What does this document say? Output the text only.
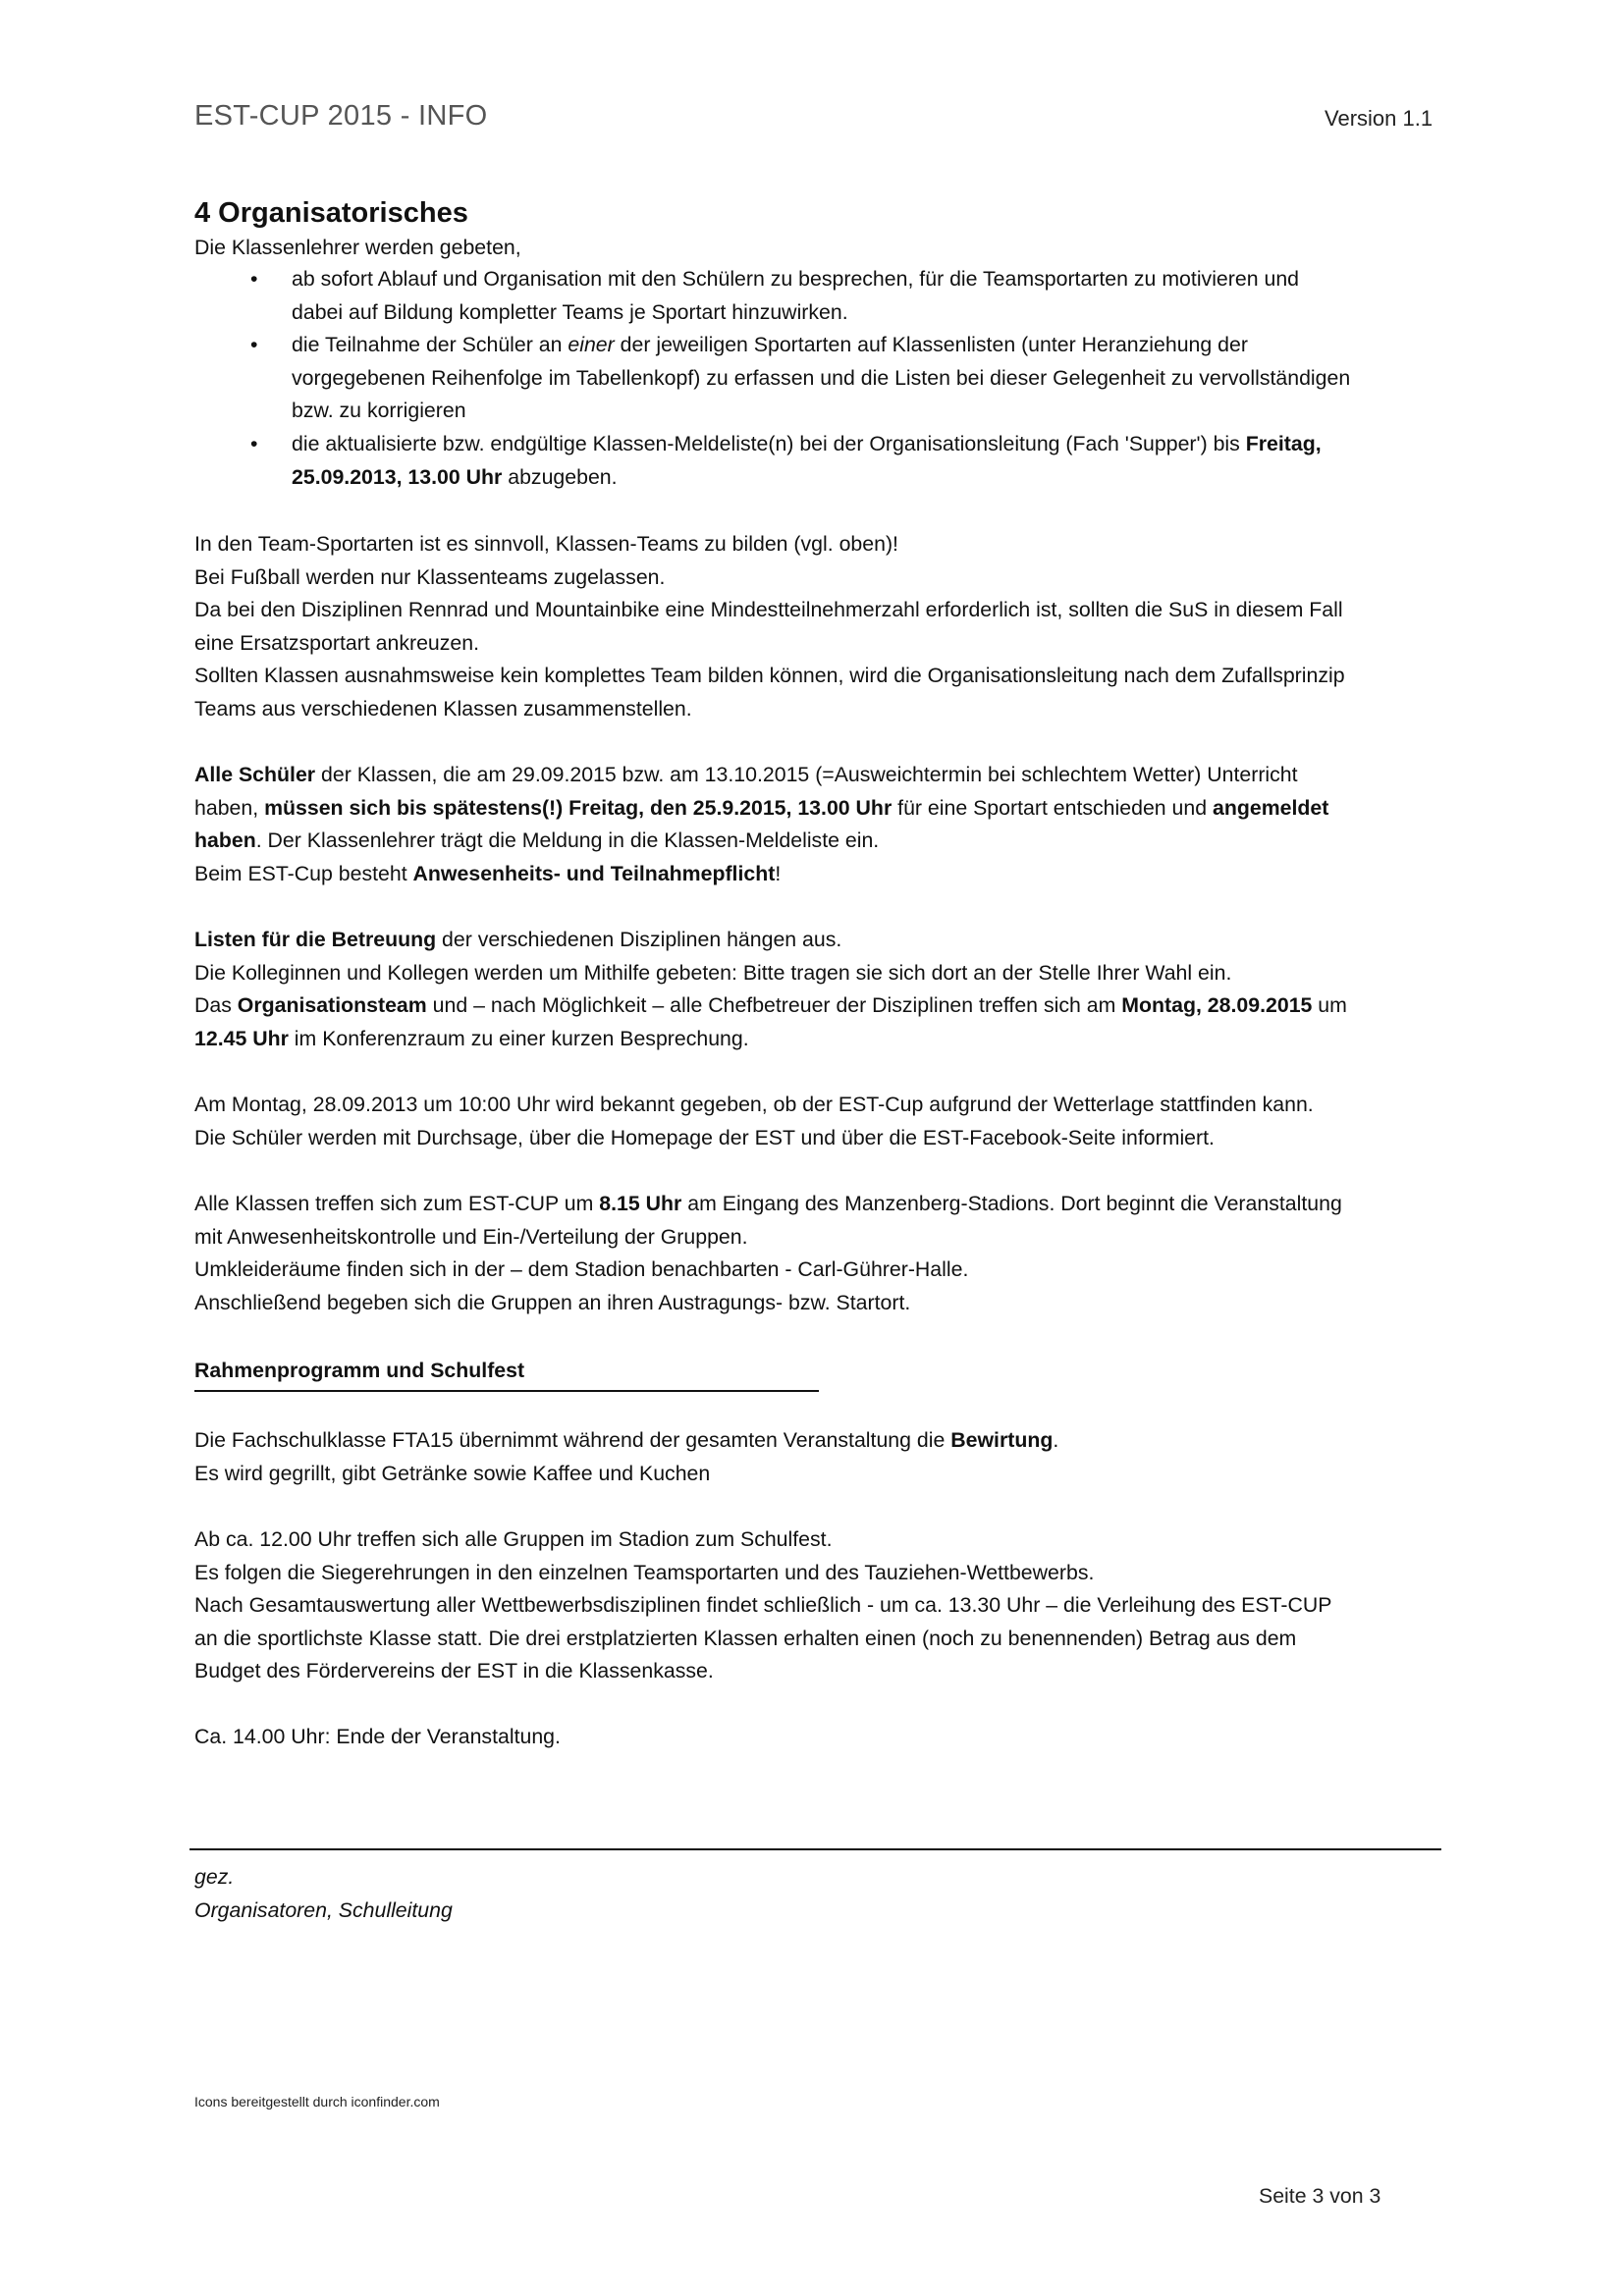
EST-CUP 2015 - INFO	Version 1.1
4 Organisatorisches
Die Klassenlehrer werden gebeten,
• ab sofort Ablauf und Organisation mit den Schülern zu besprechen, für die Teamsportarten zu motivieren und
dabei auf Bildung kompletter Teams je Sportart hinzuwirken.
• die Teilnahme der Schüler an einer der jeweiligen Sportarten auf Klassenlisten (unter Heranziehung der
vorgegebenen Reihenfolge im Tabellenkopf) zu erfassen und die Listen bei dieser Gelegenheit zu vervollständigen
bzw. zu korrigieren
• die aktualisierte bzw. endgültige Klassen-Meldeliste(n) bei der Organisationsleitung (Fach 'Supper') bis Freitag,
25.09.2013, 13.00 Uhr abzugeben.

In den Team-Sportarten ist es sinnvoll, Klassen-Teams zu bilden (vgl. oben)!

Bei Fußball werden nur Klassenteams zugelassen.

Da bei den Disziplinen Rennrad und Mountainbike eine Mindestteilnehmerzahl erforderlich ist, sollten die SuS in diesem Fall

eine Ersatzsportart ankreuzen.

Sollten Klassen ausnahmsweise kein komplettes Team bilden können, wird die Organisationsleitung nach dem Zufallsprinzip

Teams aus verschiedenen Klassen zusammenstellen.

Alle Schüler der Klassen, die am 29.09.2015 bzw. am 13.10.2015 (=Ausweichtermin bei schlechtem Wetter) Unterricht

haben, müssen sich bis spätestens(!) Freitag, den 25.9.2015, 13.00 Uhr für eine Sportart entschieden und angemeldet

haben. Der Klassenlehrer trägt die Meldung in die Klassen-Meldeliste ein.

Beim EST-Cup besteht Anwesenheits- und Teilnahmepflicht!

Listen für die Betreuung der verschiedenen Disziplinen hängen aus.

Die Kolleginnen und Kollegen werden um Mithilfe gebeten: Bitte tragen sie sich dort an der Stelle Ihrer Wahl ein.

Das Organisationsteam und – nach Möglichkeit – alle Chefbetreuer der Disziplinen treffen sich am Montag, 28.09.2015 um

12.45 Uhr im Konferenzraum zu einer kurzen Besprechung.

Am Montag, 28.09.2013 um 10:00 Uhr wird bekannt gegeben, ob der EST-Cup aufgrund der Wetterlage stattfinden kann.

Die Schüler werden mit Durchsage, über die Homepage der EST und über die EST-Facebook-Seite informiert.

Alle Klassen treffen sich zum EST-CUP um 8.15 Uhr am Eingang des Manzenberg-Stadions. Dort beginnt die Veranstaltung

mit Anwesenheitskontrolle und Ein-/Verteilung der Gruppen.

Umkleideräume finden sich in der – dem Stadion benachbarten - Carl-Gührer-Halle.

Anschließend begeben sich die Gruppen an ihren Austragungs- bzw. Startort.

Rahmenprogramm und Schulfest

Die Fachschulklasse FTA15 übernimmt während der gesamten Veranstaltung die Bewirtung.

Es wird gegrillt, gibt Getränke sowie Kaffee und Kuchen

Ab ca. 12.00 Uhr treffen sich alle Gruppen im Stadion zum Schulfest.

Es folgen die Siegerehrungen in den einzelnen Teamsportarten und des Tauziehen-Wettbewerbs.

Nach Gesamtauswertung aller Wettbewerbsdisziplinen findet schließlich - um ca. 13.30 Uhr – die Verleihung des EST-CUP

an die sportlichste Klasse statt. Die drei erstplatzierten Klassen erhalten einen (noch zu benennenden) Betrag aus dem

Budget des Fördervereins der EST in die Klassenkasse.

Ca. 14.00 Uhr: Ende der Veranstaltung.
gez.
Organisatoren, Schulleitung
Icons bereitgestellt durch iconfinder.com
Seite 3 von 3
